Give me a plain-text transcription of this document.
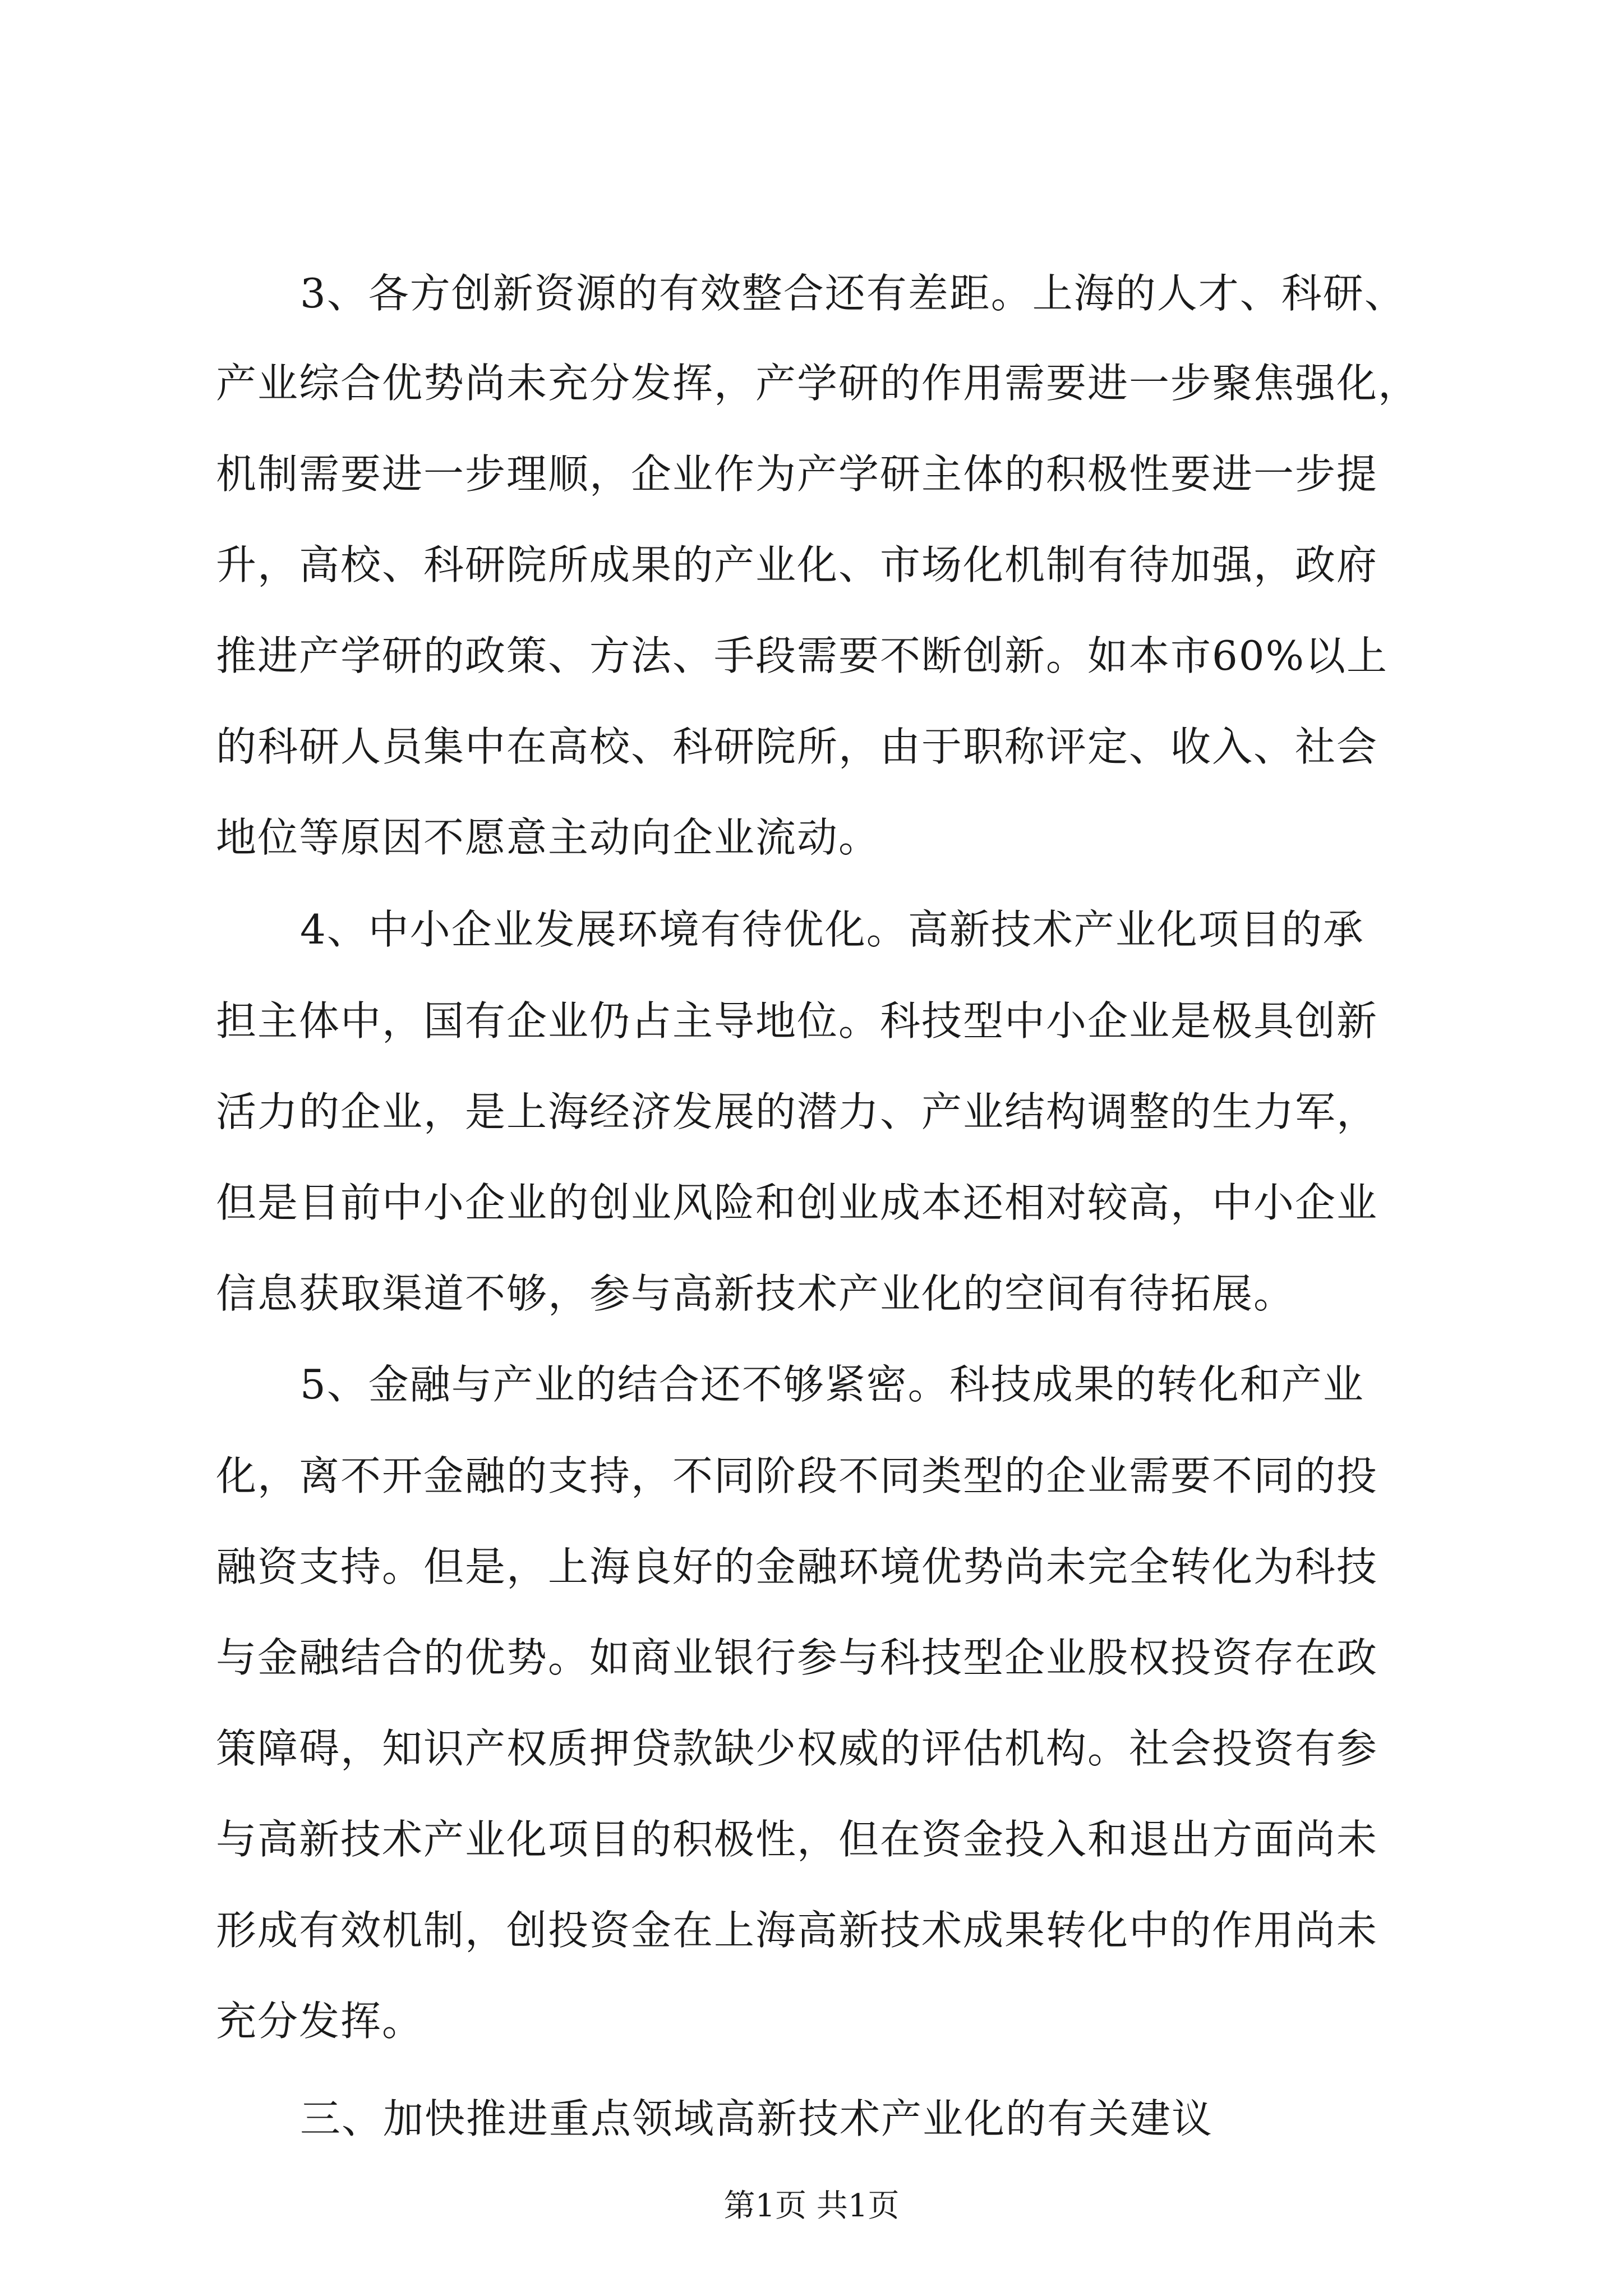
3、各方创新资源的有效整合还有差距。上海的人才、科研、
产业综合优势尚未充分发挥，产学研的作用需要进一步聚焦强化，
机制需要进一步理顺，企业作为产学研主体的积极性要进一步提
升，高校、科研院所成果的产业化、市场化机制有待加强，政府
推进产学研的政策、方法、手段需要不断创新。如本市60%以上
的科研人员集中在高校、科研院所，由于职称评定、收入、社会
地位等原因不愿意主动向企业流动。
4、中小企业发展环境有待优化。高新技术产业化项目的承
担主体中，国有企业仍占主导地位。科技型中小企业是极具创新
活力的企业，是上海经济发展的潜力、产业结构调整的生力军，
但是目前中小企业的创业风险和创业成本还相对较高，中小企业
信息获取渠道不够，参与高新技术产业化的空间有待拓展。
5、金融与产业的结合还不够紧密。科技成果的转化和产业
化，离不开金融的支持，不同阶段不同类型的企业需要不同的投
融资支持。但是，上海良好的金融环境优势尚未完全转化为科技
与金融结合的优势。如商业银行参与科技型企业股权投资存在政
策障碍，知识产权质押贷款缺少权威的评估机构。社会投资有参
与高新技术产业化项目的积极性，但在资金投入和退出方面尚未
形成有效机制，创投资金在上海高新技术成果转化中的作用尚未
充分发挥。
三、加快推进重点领域高新技术产业化的有关建议
第1页 共1页
